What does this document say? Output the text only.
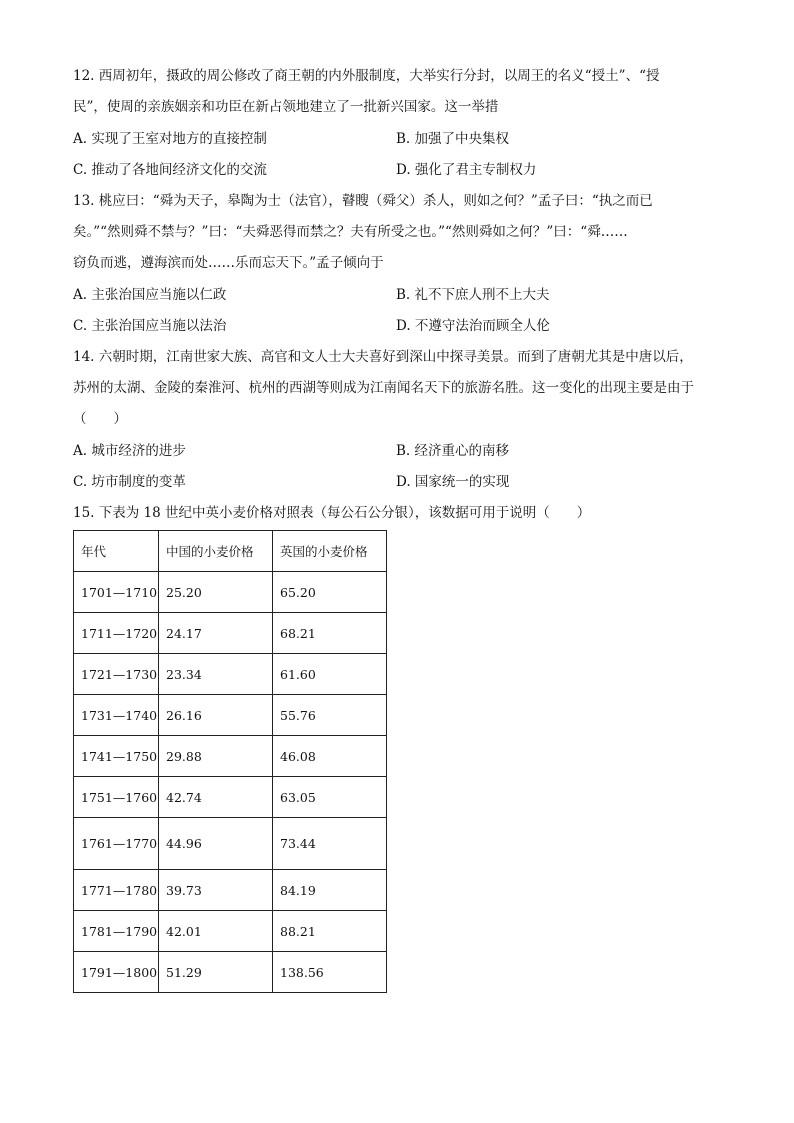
12. 西周初年，摄政的周公修改了商王朝的内外服制度，大举实行分封，以周王的名义“授土”、“授

民”，使周的亲族姻亲和功臣在新占领地建立了一批新兴国家。这一举措

A. 实现了王室对地方的直接控制	B. 加强了中央集权

C. 推动了各地间经济文化的交流	D. 强化了君主专制权力

13. 桃应曰：“舜为天子，皋陶为士（法官），瞽瞍（舜父）杀人，则如之何？”孟子曰：“执之而已

矣。”“然则舜不禁与？”曰：“夫舜恶得而禁之？夫有所受之也。”“然则舜如之何？”曰：“舜……

窃负而逃，遵海滨而处……乐而忘天下。”孟子倾向于

A. 主张治国应当施以仁政	B. 礼不下庶人刑不上大夫

C. 主张治国应当施以法治	D. 不遵守法治而顾全人伦

14. 六朝时期，江南世家大族、高官和文人士大夫喜好到深山中探寻美景。而到了唐朝尤其是中唐以后，

苏州的太湖、金陵的秦淮河、杭州的西湖等则成为江南闻名天下的旅游名胜。这一变化的出现主要是由于

（　　）

A. 城市经济的进步	B. 经济重心的南移

C. 坊市制度的变革	D. 国家统一的实现

15. 下表为 18 世纪中英小麦价格对照表（每公石公分银），该数据可用于说明（　　）

年代	中国的小麦价格	英国的小麦价格
1701—1710	25.20	65.20
1711—1720	24.17	68.21
1721—1730	23.34	61.60
1731—1740	26.16	55.76
1741—1750	29.88	46.08
1751—1760	42.74	63.05
1761—1770	44.96	73.44
1771—1780	39.73	84.19
1781—1790	42.01	88.21
1791—1800	51.29	138.56
